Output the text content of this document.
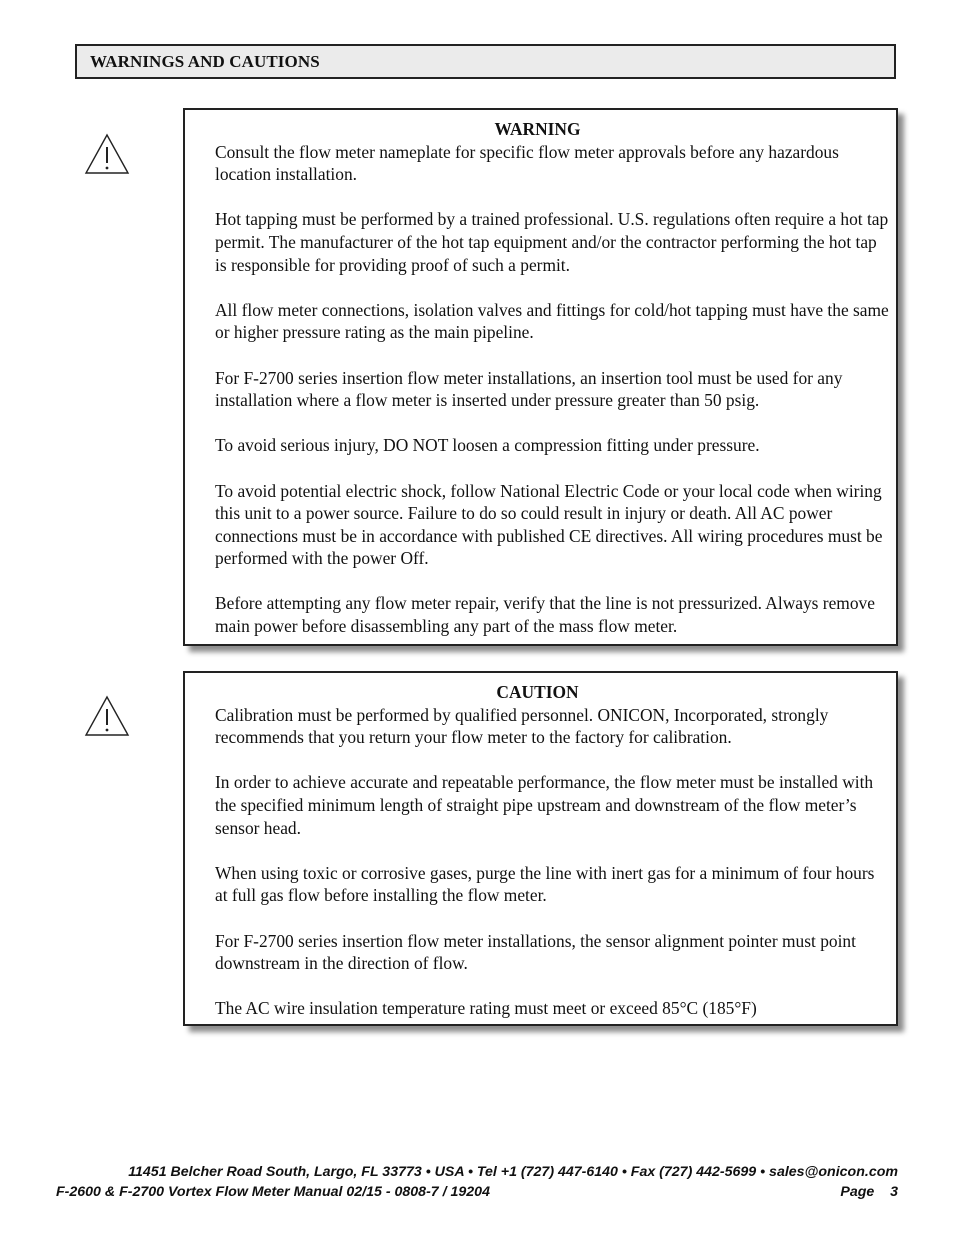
WARNINGS AND CAUTIONS
WARNING

Consult the flow meter nameplate for specific flow meter approvals before any hazardous location installation.

Hot tapping must be performed by a trained professional. U.S. regulations often require a hot tap permit. The manufacturer of the hot tap equipment and/or the contractor performing the hot tap is responsible for providing proof of such a permit.

All flow meter connections, isolation valves and fittings for cold/hot tapping must have the same or higher pressure rating as the main pipeline.

For F-2700 series insertion flow meter installations, an insertion tool must be used for any installation where a flow meter is inserted under pressure greater than 50 psig.

To avoid serious injury, DO NOT loosen a compression fitting under pressure.

To avoid potential electric shock, follow National Electric Code or your local code when wiring this unit to a power source. Failure to do so could result in injury or death. All AC power connections must be in accordance with published CE directives. All wiring procedures must be performed with the power Off.

Before attempting any flow meter repair, verify that the line is not pressurized. Always remove main power before disassembling any part of the mass flow meter.

CAUTION

Calibration must be performed by qualified personnel. ONICON, Incorporated, strongly recommends that you return your flow meter to the factory for calibration.

In order to achieve accurate and repeatable performance, the flow meter must be installed with the specified minimum length of straight pipe upstream and downstream of the flow meter’s sensor head.

When using toxic or corrosive gases, purge the line with inert gas for a minimum of four hours at full gas flow before installing the flow meter.

For F-2700 series insertion flow meter installations, the sensor alignment pointer must point downstream in the direction of flow.

The AC wire insulation temperature rating must meet or exceed 85°C (185°F)

11451 Belcher Road South, Largo, FL 33773 • USA • Tel +1 (727) 447-6140 • Fax (727) 442-5699 • sales@onicon.com
F-2600 & F-2700 Vortex Flow Meter Manual 02/15 - 0808-7 / 19204	Page 3
